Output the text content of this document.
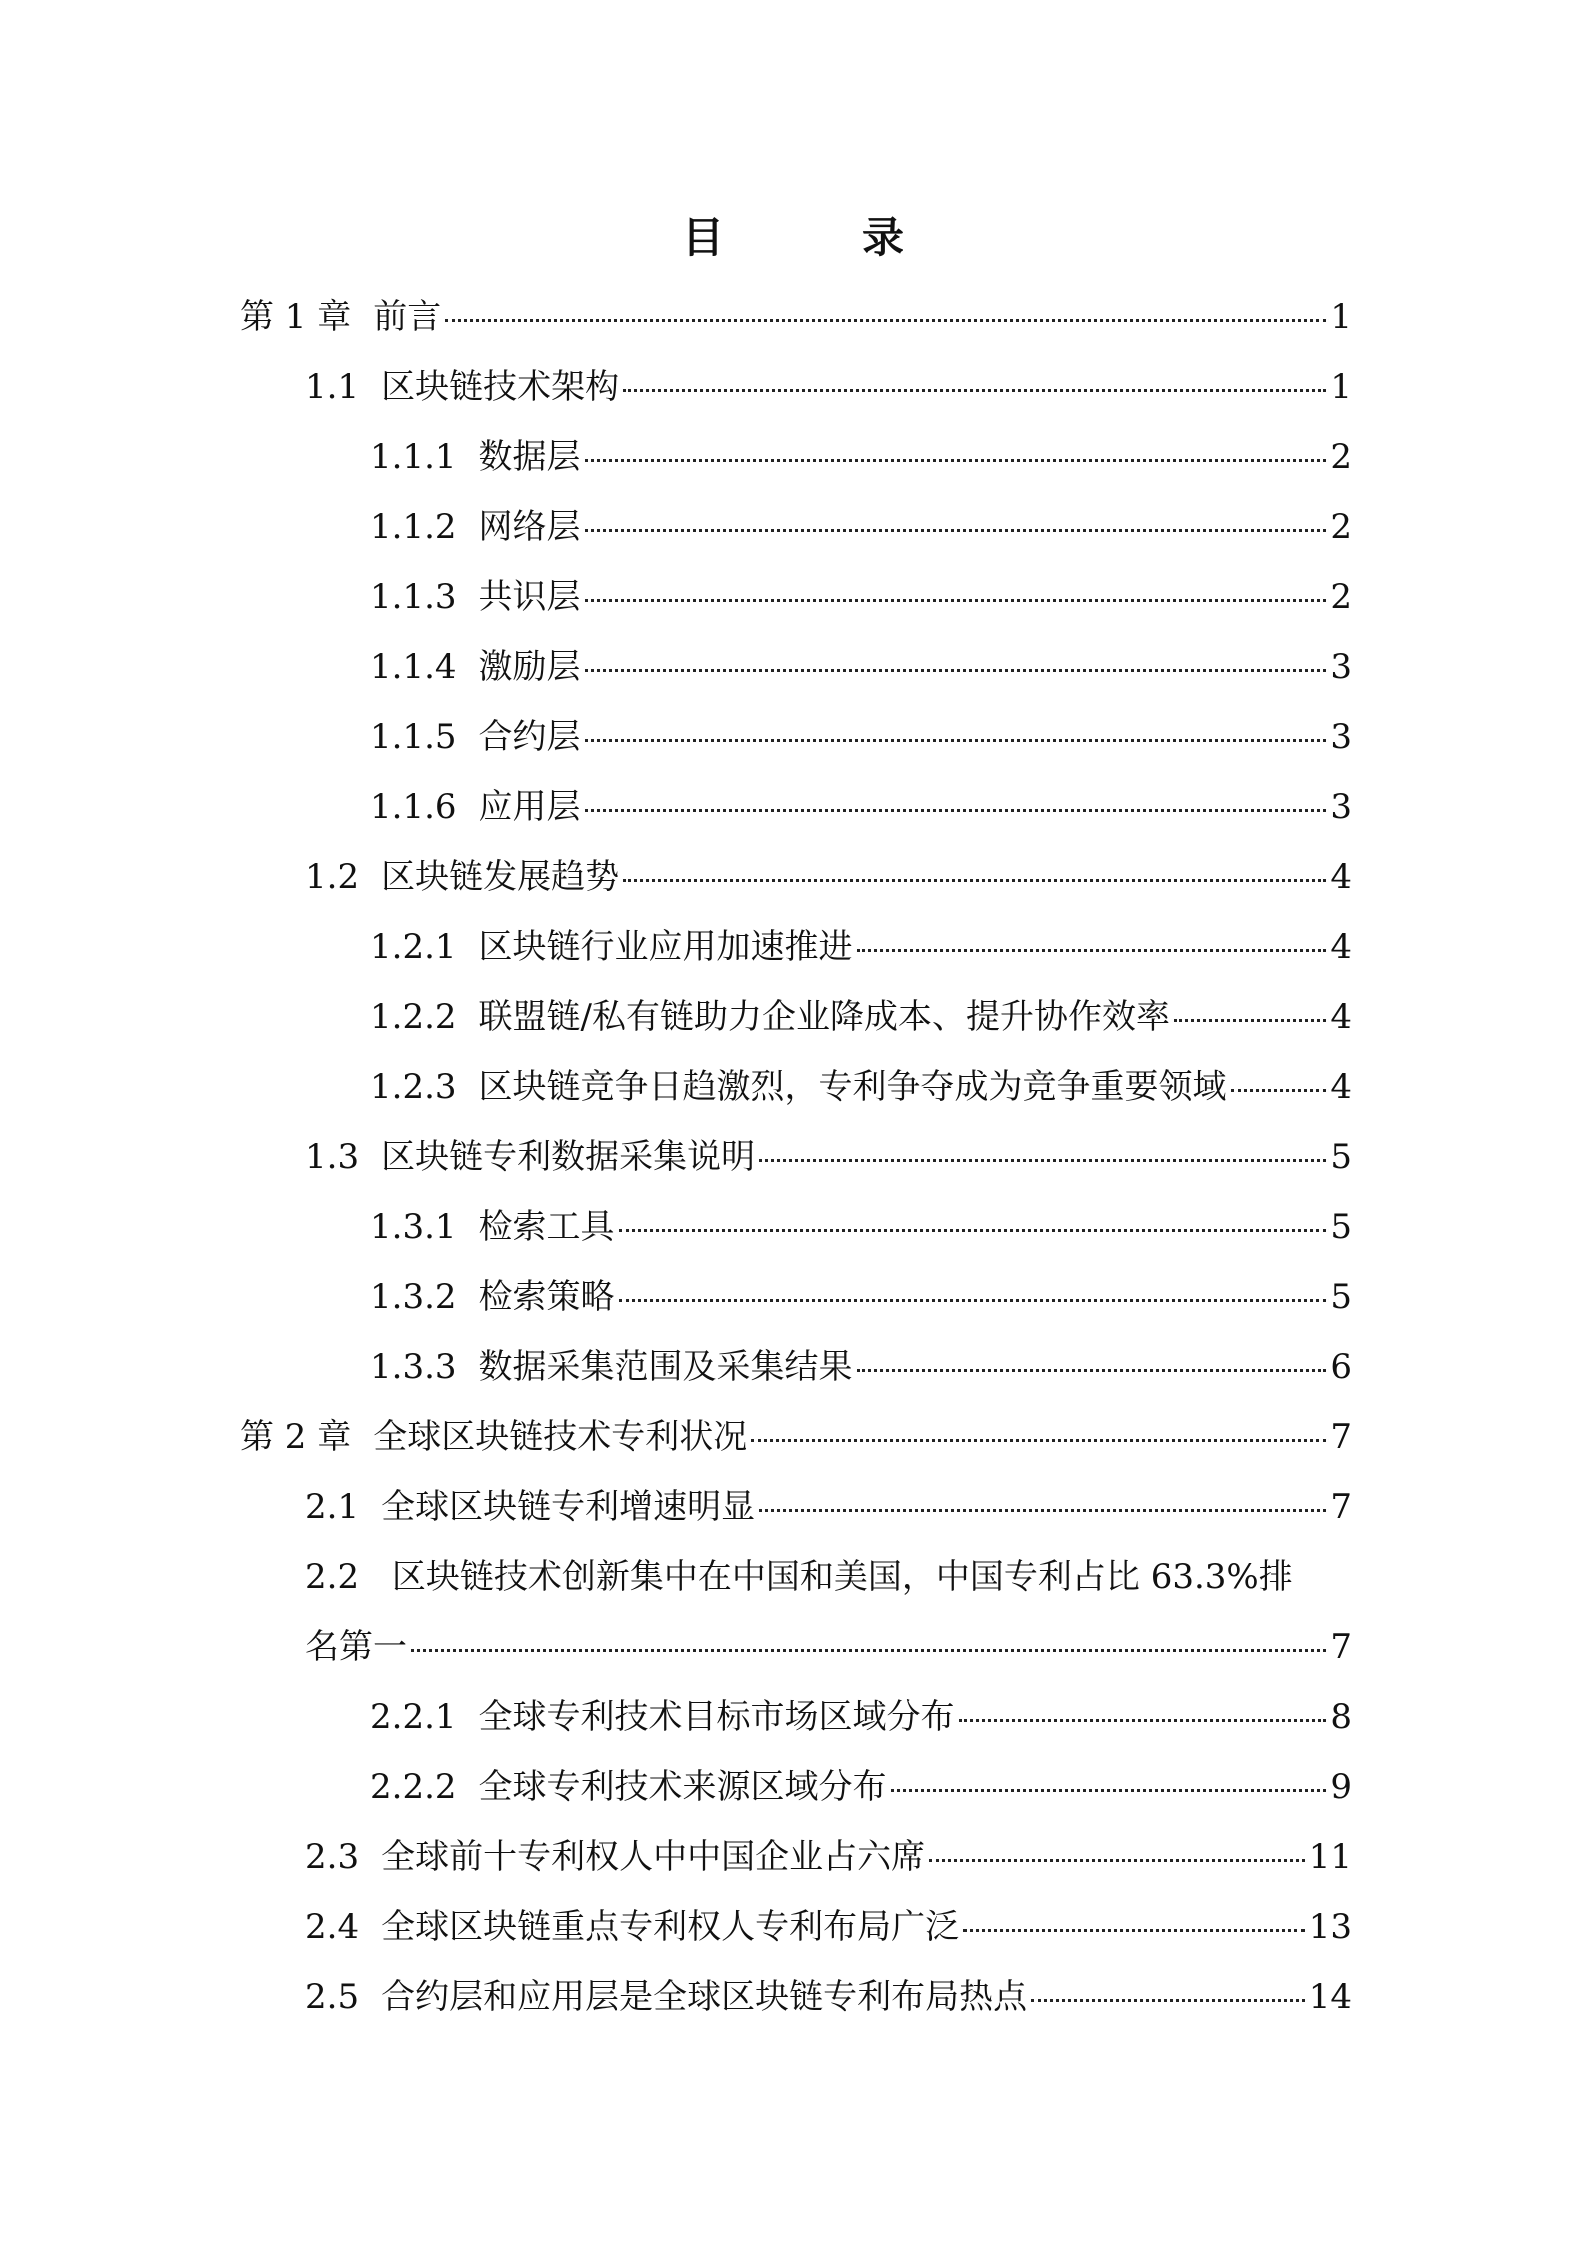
目　录
第 1 章 前言	1
1.1 区块链技术架构	1
1.1.1 数据层	2
1.1.2 网络层	2
1.1.3 共识层	2
1.1.4 激励层	3
1.1.5 合约层	3
1.1.6 应用层	3
1.2 区块链发展趋势	4
1.2.1 区块链行业应用加速推进	4
1.2.2 联盟链/私有链助力企业降成本、提升协作效率	4
1.2.3 区块链竞争日趋激烈，专利争夺成为竞争重要领域	4
1.3 区块链专利数据采集说明	5
1.3.1 检索工具	5
1.3.2 检索策略	5
1.3.3 数据采集范围及采集结果	6
第 2 章 全球区块链技术专利状况	7
2.1 全球区块链专利增速明显	7
2.2 区块链技术创新集中在中国和美国，中国专利占比 63.3%排
名第一	7
2.2.1 全球专利技术目标市场区域分布	8
2.2.2 全球专利技术来源区域分布	9
2.3 全球前十专利权人中中国企业占六席	11
2.4 全球区块链重点专利权人专利布局广泛	13
2.5 合约层和应用层是全球区块链专利布局热点	14
